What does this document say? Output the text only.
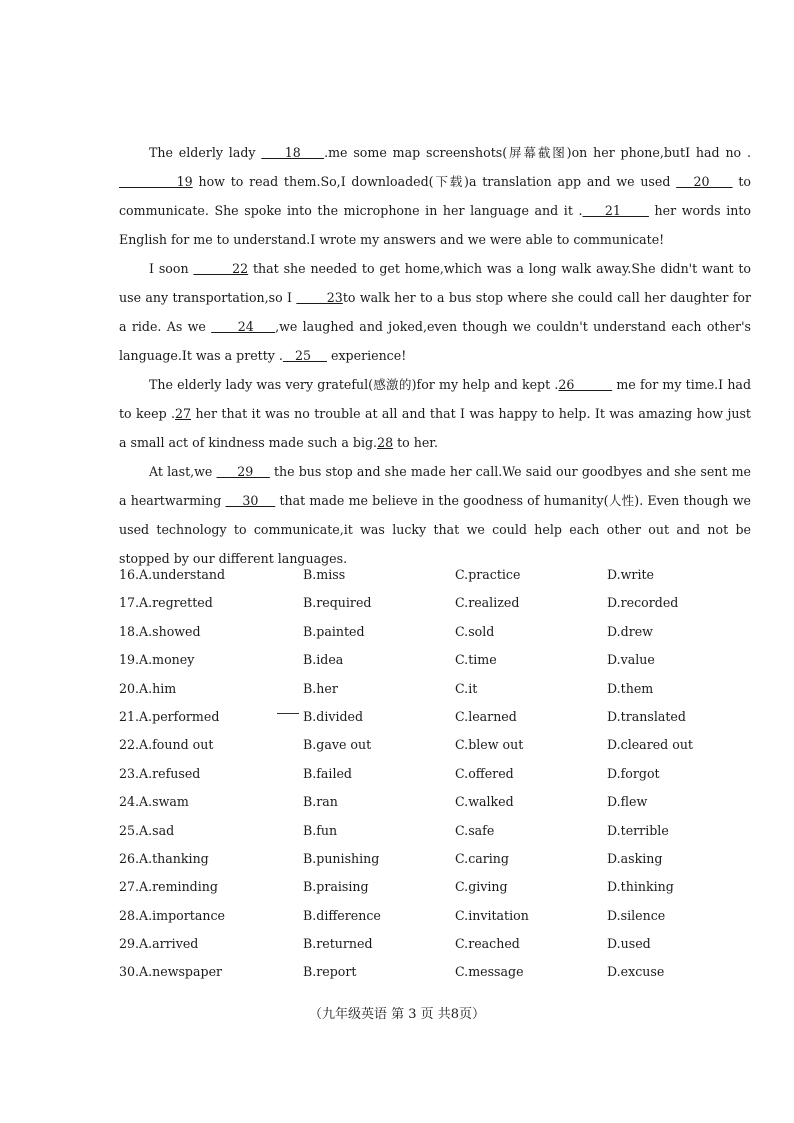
The elderly lady     18    .me some map screenshots(屏幕截图)on her phone,butI had no .          19 how to read them.So,I downloaded(下载)a translation app and we used    20     to communicate. She spoke into the microphone in her language and it .    21      her words into English for me to understand.I wrote my answers and we were able to communicate!

I soon         22 that she needed to get home,which was a long walk away.She didn't want to use any transportation,so I        23to walk her to a bus stop where she could call her daughter for a ride. As we      24    ,we laughed and joked,even though we couldn't understand each other's language.It was a pretty .   25     experience!

The elderly lady was very grateful(感激的)for my help and kept .26          me for my time.I had to keep .27 her that it was no trouble at all and that I was happy to help. It was amazing how just a small act of kindness made such a big.28 to her.

At last,we      29     the bus stop and she made her call.We said our goodbyes and she sent me a heartwarming     30     that made me believe in the goodness of humanity(人性). Even though we used technology to communicate,it was lucky that we could help each other out and not be stopped by our different languages.

16.A.understand	B.miss	C.practice	D.write
17.A.regretted	B.required	C.realized	D.recorded
18.A.showed	B.painted	C.sold	D.drew
19.A.money	B.idea	C.time	D.value
20.A.him	B.her	C.it	D.them
21.A.performed	B.divided	C.learned	D.translated
22.A.found out	B.gave out	C.blew out	D.cleared out
23.A.refused	B.failed	C.offered	D.forgot
24.A.swam	B.ran	C.walked	D.flew
25.A.sad	B.fun	C.safe	D.terrible
26.A.thanking	B.punishing	C.caring	D.asking
27.A.reminding	B.praising	C.giving	D.thinking
28.A.importance	B.difference	C.invitation	D.silence
29.A.arrived	B.returned	C.reached	D.used
30.A.newspaper	B.report	C.message	D.excuse
（九年级英语 第 3 页 共8页）
